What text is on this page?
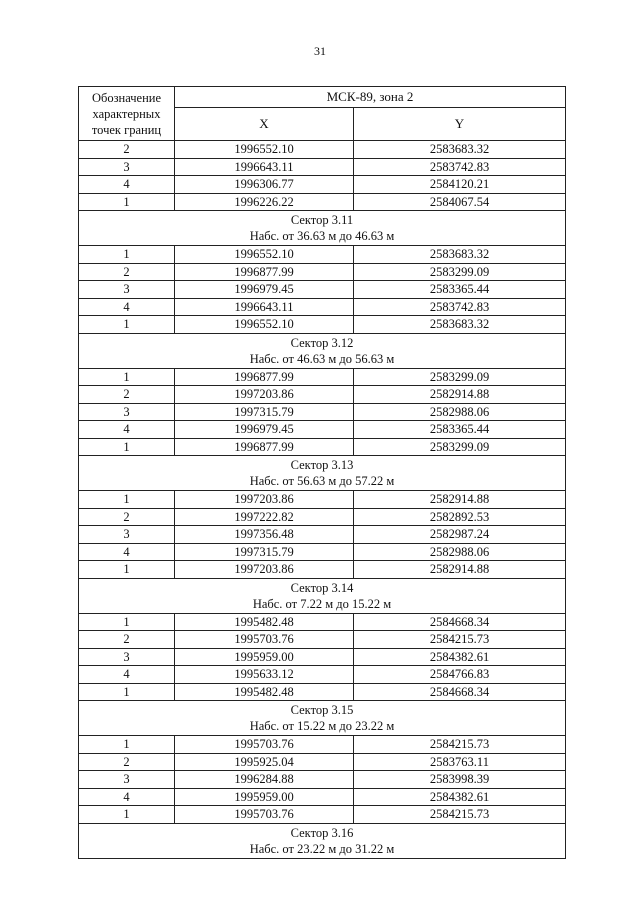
31
Обозначение характерных точек границ	МСК-89, зона 2	
	X	Y
2	1996552.10	2583683.32
3	1996643.11	2583742.83
4	1996306.77	2584120.21
1	1996226.22	2584067.54

Сектор 3.11
Набс. от 36.63 м до 46.63 м		

1	1996552.10	2583683.32
2	1996877.99	2583299.09
3	1996979.45	2583365.44
4	1996643.11	2583742.83
1	1996552.10	2583683.32

Сектор 3.12
Набс. от 46.63 м до 56.63 м		

1	1996877.99	2583299.09
2	1997203.86	2582914.88
3	1997315.79	2582988.06
4	1996979.45	2583365.44
1	1996877.99	2583299.09

Сектор 3.13
Набс. от 56.63 м до 57.22 м		

1	1997203.86	2582914.88
2	1997222.82	2582892.53
3	1997356.48	2582987.24
4	1997315.79	2582988.06
1	1997203.86	2582914.88

Сектор 3.14
Набс. от 7.22 м до 15.22 м		

1	1995482.48	2584668.34
2	1995703.76	2584215.73
3	1995959.00	2584382.61
4	1995633.12	2584766.83
1	1995482.48	2584668.34

Сектор 3.15
Набс. от 15.22 м до 23.22 м		

1	1995703.76	2584215.73
2	1995925.04	2583763.11
3	1996284.88	2583998.39
4	1995959.00	2584382.61
1	1995703.76	2584215.73

Сектор 3.16
Набс. от 23.22 м до 31.22 м		
